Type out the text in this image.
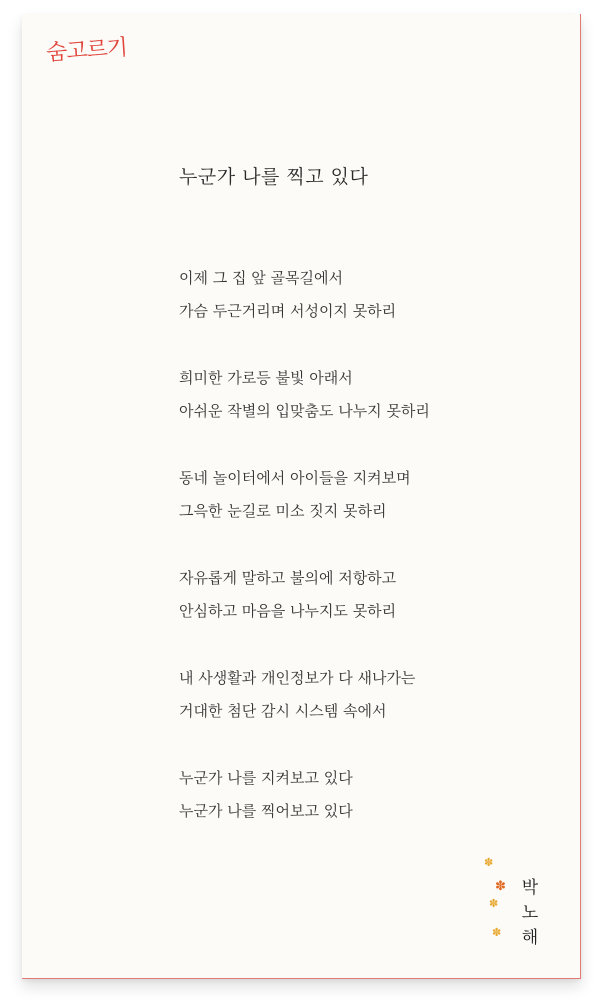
숨고르기
누군가 나를 찍고 있다
이제 그 집 앞 골목길에서
가슴 두근거리며 서성이지 못하리
희미한 가로등 불빛 아래서
아쉬운 작별의 입맞춤도 나누지 못하리
동네 놀이터에서 아이들을 지켜보며
그윽한 눈길로 미소 짓지 못하리
자유롭게 말하고 불의에 저항하고
안심하고 마음을 나누지도 못하리
내 사생활과 개인정보가 다 새나가는
거대한 첨단 감시 시스템 속에서
누군가 나를 지켜보고 있다
누군가 나를 찍어보고 있다
✽
✽
✽
✽
박
노
해
